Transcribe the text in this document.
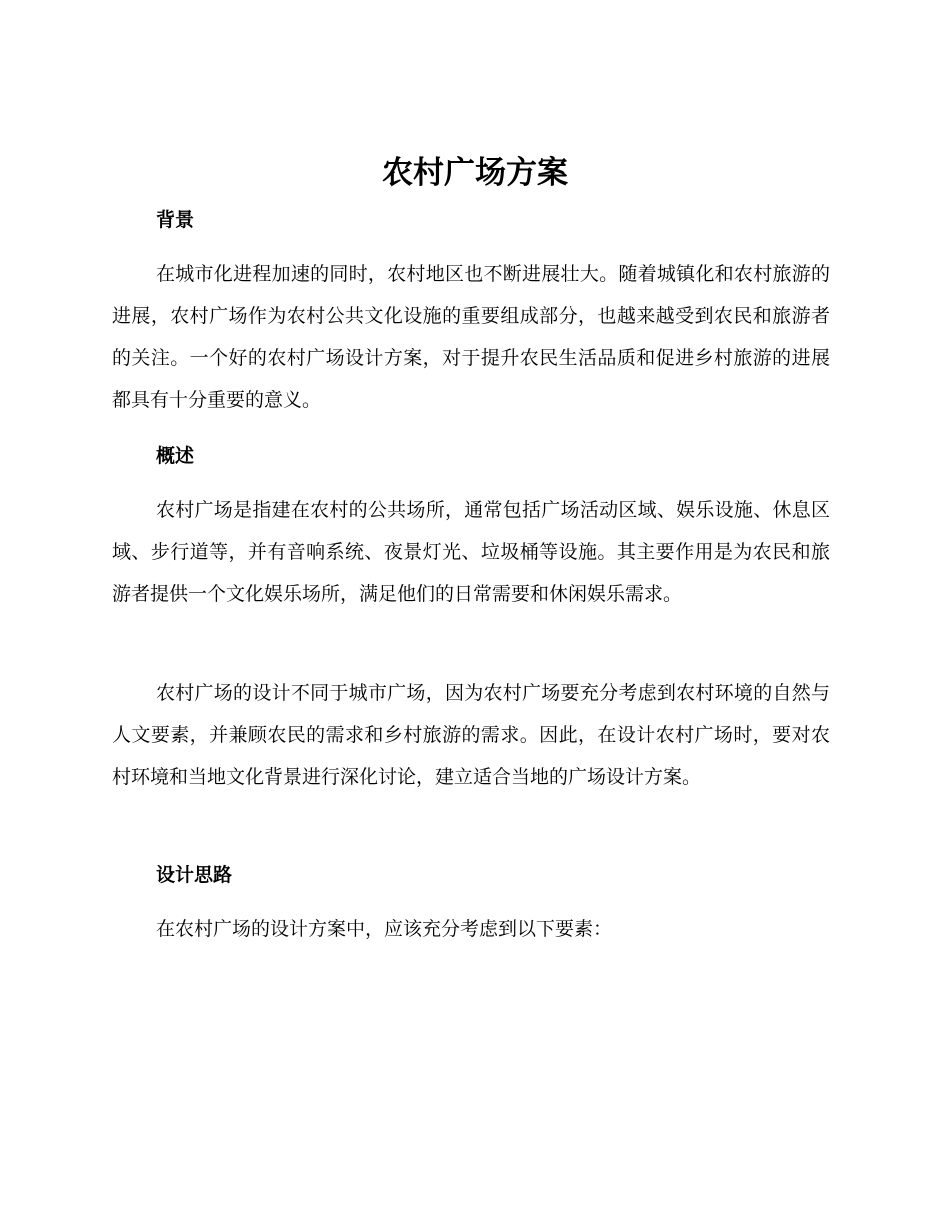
农村广场方案
背景

在城市化进程加速的同时，农村地区也不断进展壮大。随着城镇化和农村旅游的进展，农村广场作为农村公共文化设施的重要组成部分，也越来越受到农民和旅游者的关注。一个好的农村广场设计方案，对于提升农民生活品质和促进乡村旅游的进展都具有十分重要的意义。

概述

农村广场是指建在农村的公共场所，通常包括广场活动区域、娱乐设施、休息区域、步行道等，并有音响系统、夜景灯光、垃圾桶等设施。其主要作用是为农民和旅游者提供一个文化娱乐场所，满足他们的日常需要和休闲娱乐需求。

农村广场的设计不同于城市广场，因为农村广场要充分考虑到农村环境的自然与人文要素，并兼顾农民的需求和乡村旅游的需求。因此，在设计农村广场时，要对农村环境和当地文化背景进行深化讨论，建立适合当地的广场设计方案。

设计思路

在农村广场的设计方案中，应该充分考虑到以下要素：
